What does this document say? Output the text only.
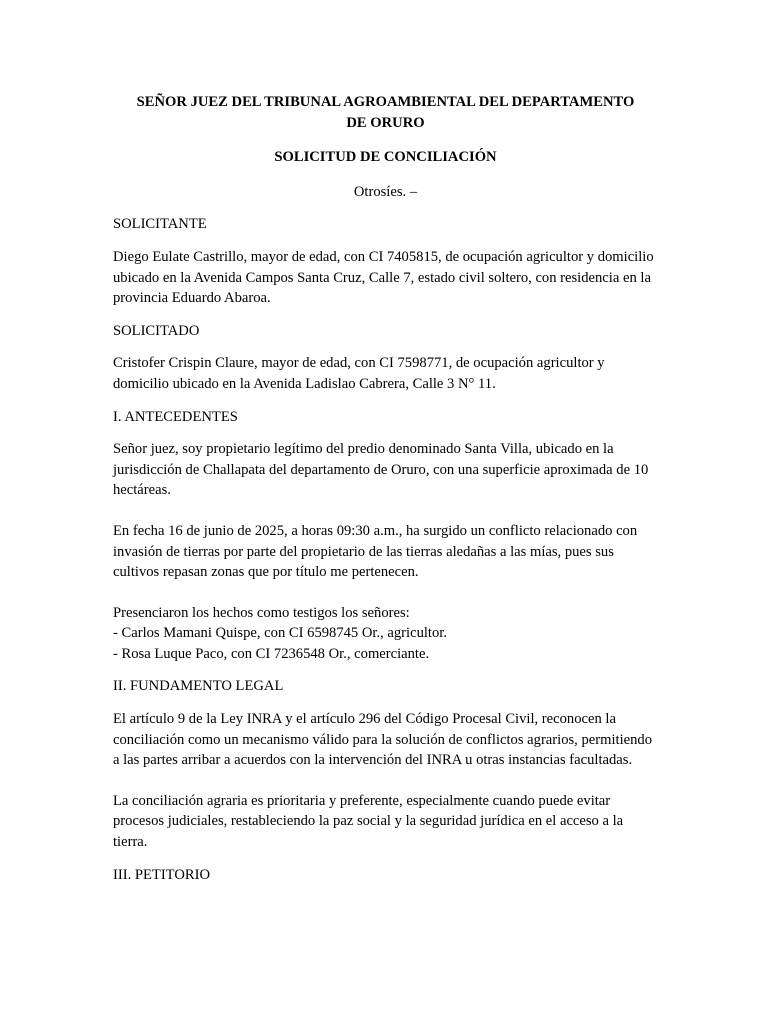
SEÑOR JUEZ DEL TRIBUNAL AGROAMBIENTAL DEL DEPARTAMENTO
DE ORURO
SOLICITUD DE CONCILIACIÓN
Otrosíes. –
SOLICITANTE
Diego Eulate Castrillo, mayor de edad, con CI 7405815, de ocupación agricultor y domicilio ubicado en la Avenida Campos Santa Cruz, Calle 7, estado civil soltero, con residencia en la provincia Eduardo Abaroa.
SOLICITADO
Cristofer Crispin Claure, mayor de edad, con CI 7598771, de ocupación agricultor y domicilio ubicado en la Avenida Ladislao Cabrera, Calle 3 N° 11.
I. ANTECEDENTES
Señor juez, soy propietario legítimo del predio denominado Santa Villa, ubicado en la jurisdicción de Challapata del departamento de Oruro, con una superficie aproximada de 10 hectáreas.
En fecha 16 de junio de 2025, a horas 09:30 a.m., ha surgido un conflicto relacionado con invasión de tierras por parte del propietario de las tierras aledañas a las mías, pues sus cultivos repasan zonas que por título me pertenecen.
Presenciaron los hechos como testigos los señores:
- Carlos Mamani Quispe, con CI 6598745 Or., agricultor.
- Rosa Luque Paco, con CI 7236548 Or., comerciante.
II. FUNDAMENTO LEGAL
El artículo 9 de la Ley INRA y el artículo 296 del Código Procesal Civil, reconocen la conciliación como un mecanismo válido para la solución de conflictos agrarios, permitiendo a las partes arribar a acuerdos con la intervención del INRA u otras instancias facultadas.
La conciliación agraria es prioritaria y preferente, especialmente cuando puede evitar procesos judiciales, restableciendo la paz social y la seguridad jurídica en el acceso a la tierra.
III. PETITORIO
